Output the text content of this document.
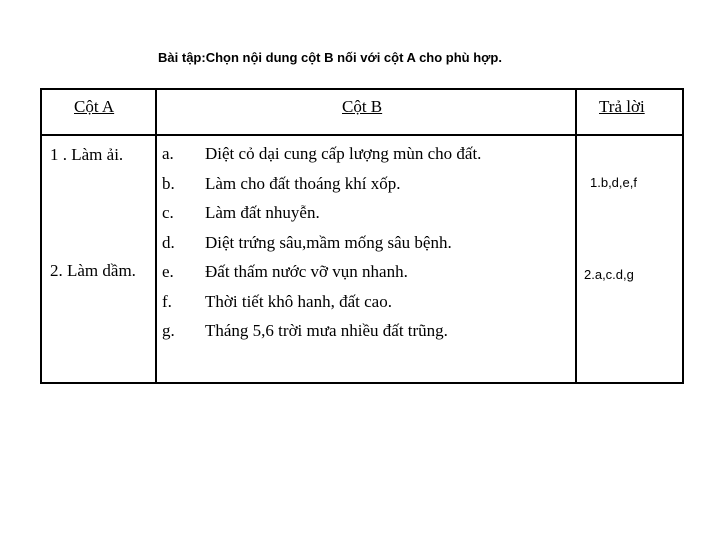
Bài tập:Chọn nội dung cột B nối với cột A cho phù hợp.
Cột A	Cột B	Trả lời
1 . Làm ải.
2. Làm dầm.
a. Diệt cỏ dại cung cấp lượng mùn cho đất.
b. Làm cho đất thoáng khí xốp.
c. Làm đất nhuyễn.
d. Diệt trứng sâu,mầm mống sâu bệnh.
e. Đất thấm nước vỡ vụn nhanh.
f. Thời tiết khô hanh, đất cao.
g. Tháng 5,6 trời mưa nhiều đất trũng.
1.b,d,e,f
2.a,c.d,g
